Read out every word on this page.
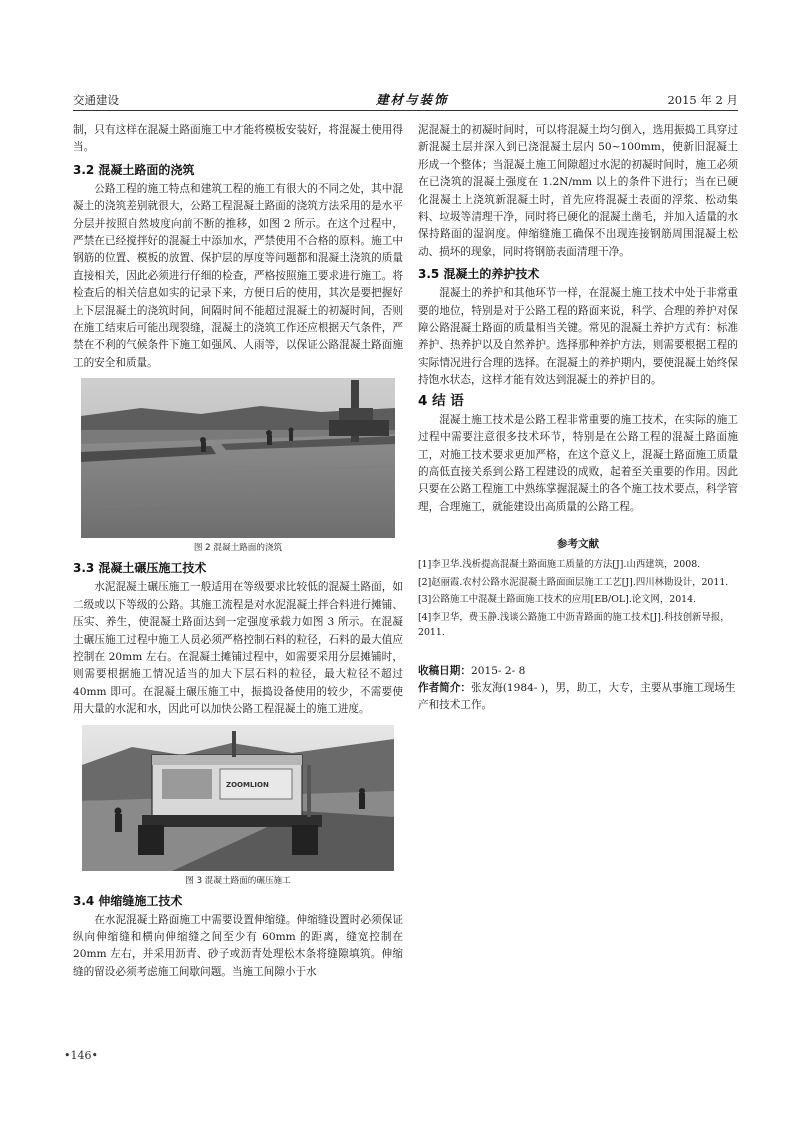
交通建设	建材与装饰	2015 年 2 月

制，只有这样在混凝土路面施工中才能将模板安装好，将混凝土使用得当。

3.2 混凝土路面的浇筑

公路工程的施工特点和建筑工程的施工有很大的不同之处，其中混凝土的浇筑差别就很大，公路工程混凝土路面的浇筑方法采用的是水平分层并按照自然坡度向前不断的推移，如图 2 所示。在这个过程中，严禁在已经搅拌好的混凝土中添加水，严禁使用不合格的原料。施工中钢筋的位置、模板的放置、保护层的厚度等问题都和混凝土浇筑的质量直接相关，因此必须进行仔细的检查，严格按照施工要求进行施工。将检查后的相关信息如实的记录下来，方便日后的使用，其次是要把握好上下层混凝土的浇筑时间，间隔时间不能超过混凝土的初凝时间，否则在施工结束后可能出现裂缝，混凝土的浇筑工作还应根据天气条件，严禁在不利的气候条件下施工如强风、人雨等，以保证公路混凝土路面施工的安全和质量。

图 2 混凝土路面的浇筑
3.3 混凝土碾压施工技术

水泥混凝土碾压施工一般适用在等级要求比较低的混凝土路面，如二级或以下等级的公路。其施工流程是对水泥混凝土拌合料进行摊铺、压实、养生，使混凝土路面达到一定强度承载力如图 3 所示。在混凝土碾压施工过程中施工人员必须严格控制石料的粒径，石料的最大值应控制在 20mm 左右。在混凝土摊铺过程中，如需要采用分层摊铺时，则需要根据施工情况适当的加大下层石料的粒径，最大粒径不超过 40mm 即可。在混凝土碾压施工中，振捣设备使用的较少，不需要使用大量的水泥和水，因此可以加快公路工程混凝土的施工进度。

ZOOMLION
图 3 混凝土路面的碾压施工
3.4 伸缩缝施工技术

在水泥混凝土路面施工中需要设置伸缩缝。伸缩缝设置时必须保证纵向伸缩缝和横向伸缩缝之间至少有 60mm 的距离，缝宽控制在 20mm 左右，并采用沥青、砂子或沥青处理松木条将缝隙填筑。伸缩缝的留设必须考虑施工间歇问题。当施工间隙小于水

泥混凝土的初凝时间时，可以将混凝土均匀倒入，选用振捣工具穿过新混凝土层并深入到已浇混凝土层内 50~100mm，使新旧混凝土形成一个整体；当混凝土施工间隙超过水泥的初凝时间时，施工必须在已浇筑的混凝土强度在 1.2N/mm 以上的条件下进行；当在已硬化混凝土上浇筑新混凝土时，首先应将混凝土表面的浮浆、松动集料、垃圾等清理干净，同时将已硬化的混凝土凿毛，并加入适量的水保持路面的湿润度。伸缩缝施工确保不出现连接钢筋周围混凝土松动、损坏的现象，同时将钢筋表面清理干净。

3.5 混凝土的养护技术

混凝土的养护和其他环节一样，在混凝土施工技术中处于非常重要的地位，特别是对于公路工程的路面来说，科学、合理的养护对保障公路混凝土路面的质量相当关键。常见的混凝土养护方式有：标准养护、热养护以及自然养护。选择那种养护方法，则需要根据工程的实际情况进行合理的选择。在混凝土的养护期内，要使混凝土始终保持饱水状态，这样才能有效达到混凝土的养护目的。

4 结 语

混凝土施工技术是公路工程非常重要的施工技术，在实际的施工过程中需要注意很多技术环节，特别是在公路工程的混凝土路面施工，对施工技术要求更加严格，在这个意义上，混凝土路面施工质量的高低直接关系到公路工程建设的成败，起着至关重要的作用。因此只要在公路工程施工中熟练掌握混凝土的各个施工技术要点，科学管理，合理施工，就能建设出高质量的公路工程。

参考文献
[1]李卫华.浅析提高混凝土路面施工质量的方法[J].山西建筑，2008.
[2]赵丽霞.农村公路水泥混凝土路面面层施工工艺[J].四川林勘设计，2011.
[3]公路施工中混凝土路面施工技术的应用[EB/OL].论文网，2014.
[4]李卫华，费玉静.浅谈公路施工中沥青路面的施工技术[J].科技创新导报，2011.
收稿日期：2015- 2- 8
作者简介：张友海(1984- )，男，助工，大专，主要从事施工现场生产和技术工作。
•146•
